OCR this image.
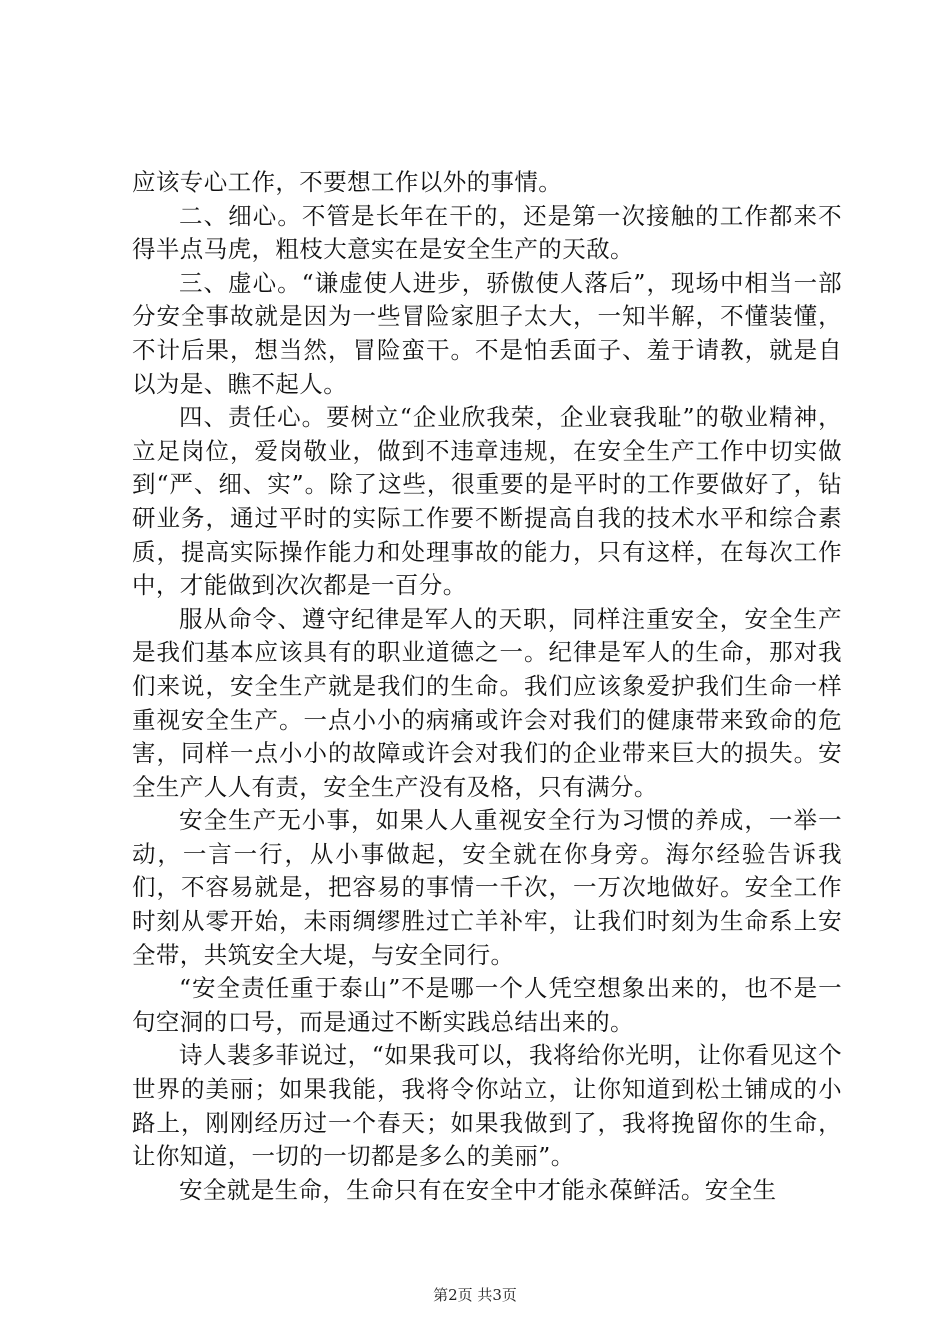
应该专心工作，不要想工作以外的事情。

二、细心。不管是长年在干的，还是第一次接触的工作都来不得半点马虎，粗枝大意实在是安全生产的天敌。

三、虚心。“谦虚使人进步，骄傲使人落后”，现场中相当一部分安全事故就是因为一些冒险家胆子太大，一知半解，不懂装懂，不计后果，想当然，冒险蛮干。不是怕丢面子、羞于请教，就是自以为是、瞧不起人。

四、责任心。要树立“企业欣我荣，企业衰我耻”的敬业精神，立足岗位，爱岗敬业，做到不违章违规，在安全生产工作中切实做到“严、细、实”。除了这些，很重要的是平时的工作要做好了，钻研业务，通过平时的实际工作要不断提高自我的技术水平和综合素质，提高实际操作能力和处理事故的能力，只有这样，在每次工作中，才能做到次次都是一百分。

服从命令、遵守纪律是军人的天职，同样注重安全，安全生产是我们基本应该具有的职业道德之一。纪律是军人的生命，那对我们来说，安全生产就是我们的生命。我们应该象爱护我们生命一样重视安全生产。一点小小的病痛或许会对我们的健康带来致命的危害，同样一点小小的故障或许会对我们的企业带来巨大的损失。安全生产人人有责，安全生产没有及格，只有满分。

安全生产无小事，如果人人重视安全行为习惯的养成，一举一动，一言一行，从小事做起，安全就在你身旁。海尔经验告诉我们，不容易就是，把容易的事情一千次，一万次地做好。安全工作时刻从零开始，未雨绸缪胜过亡羊补牢，让我们时刻为生命系上安全带，共筑安全大堤，与安全同行。

“安全责任重于泰山”不是哪一个人凭空想象出来的，也不是一句空洞的口号，而是通过不断实践总结出来的。

诗人裴多菲说过，“如果我可以，我将给你光明，让你看见这个世界的美丽；如果我能，我将令你站立，让你知道到松土铺成的小路上，刚刚经历过一个春天；如果我做到了，我将挽留你的生命，让你知道，一切的一切都是多么的美丽”。

安全就是生命，生命只有在安全中才能永葆鲜活。安全生

第2页 共3页
